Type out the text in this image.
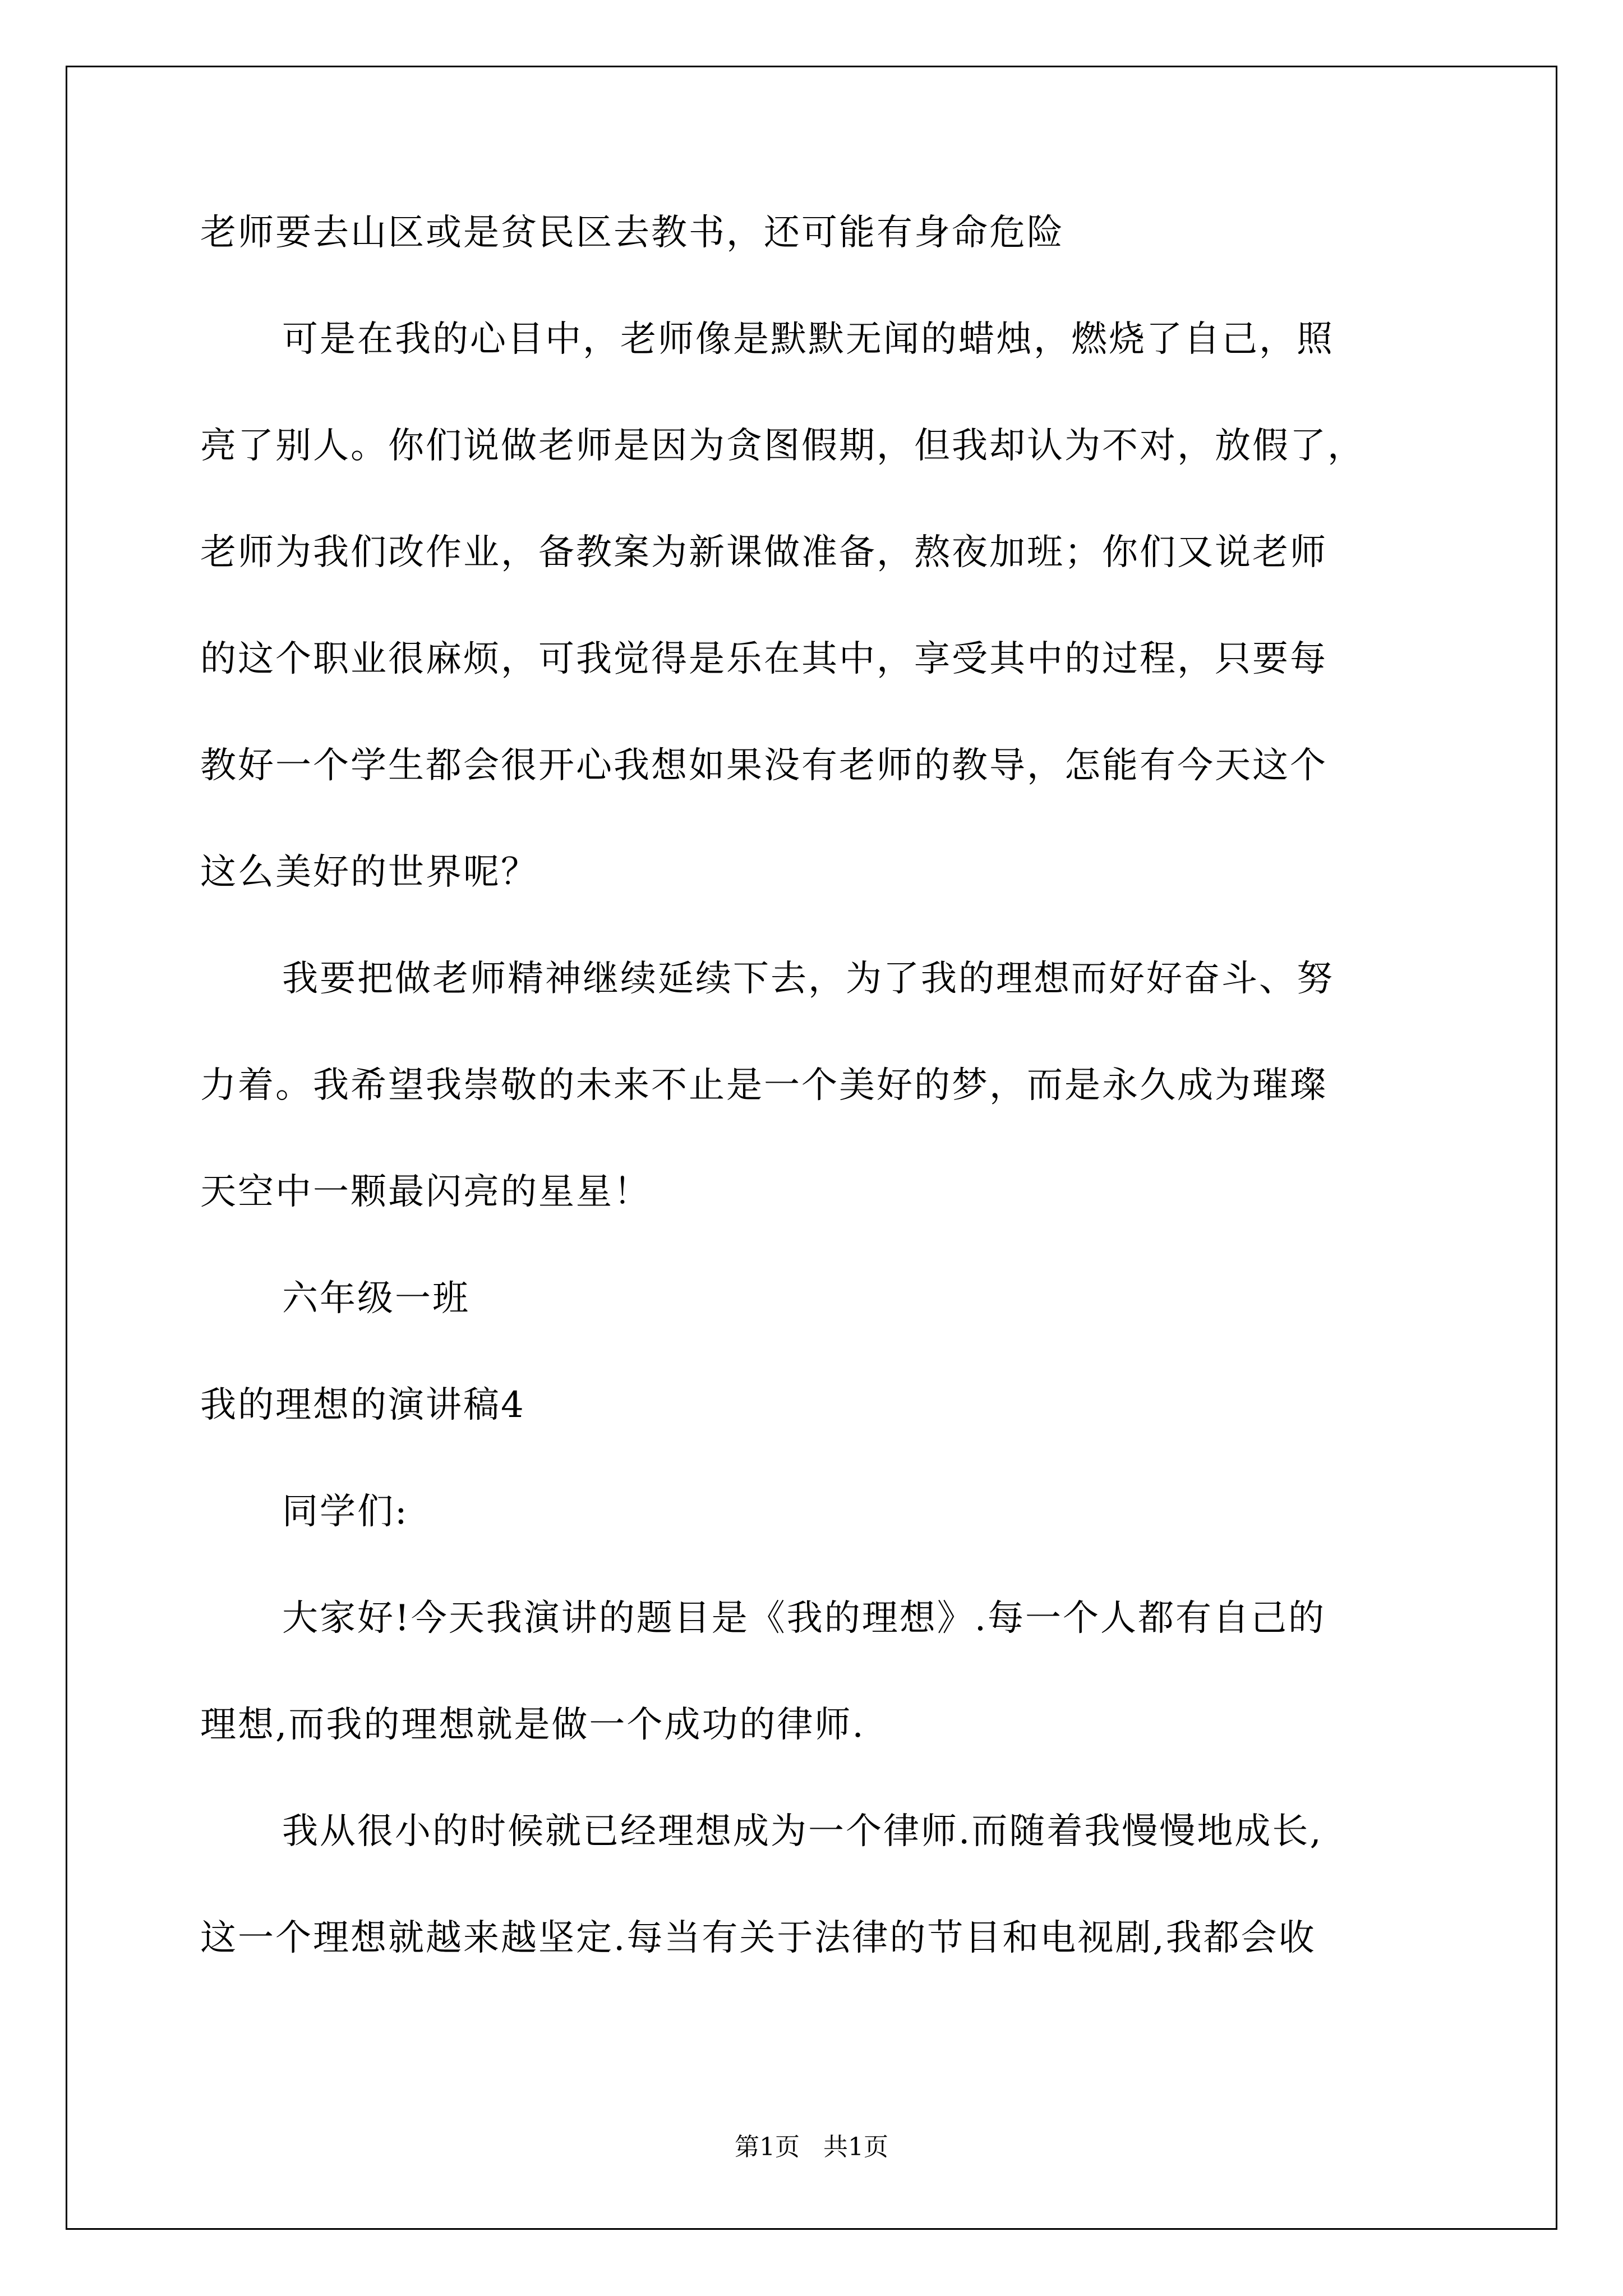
老师要去山区或是贫民区去教书，还可能有身命危险
可是在我的心目中，老师像是默默无闻的蜡烛，燃烧了自己，照
亮了别人。你们说做老师是因为贪图假期，但我却认为不对，放假了，
老师为我们改作业，备教案为新课做准备，熬夜加班；你们又说老师
的这个职业很麻烦，可我觉得是乐在其中，享受其中的过程，只要每
教好一个学生都会很开心我想如果没有老师的教导，怎能有今天这个
这么美好的世界呢？
我要把做老师精神继续延续下去，为了我的理想而好好奋斗、努
力着。我希望我崇敬的未来不止是一个美好的梦，而是永久成为璀璨
天空中一颗最闪亮的星星！
六年级一班
我的理想的演讲稿4
同学们:
大家好!今天我演讲的题目是《我的理想》.每一个人都有自己的
理想,而我的理想就是做一个成功的律师.
我从很小的时候就已经理想成为一个律师.而随着我慢慢地成长,
这一个理想就越来越坚定.每当有关于法律的节目和电视剧,我都会收
第1页   共1页
